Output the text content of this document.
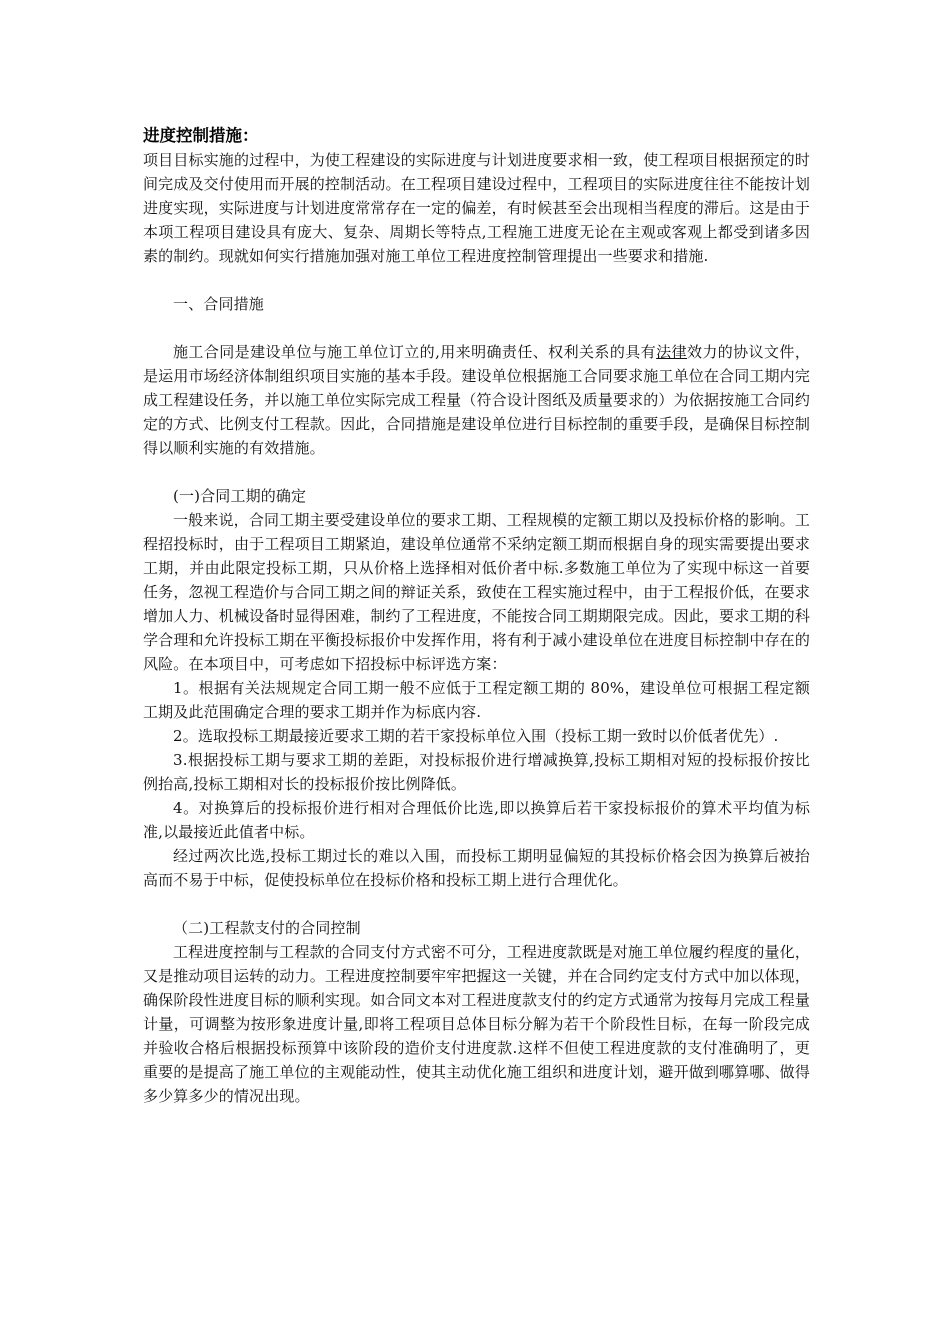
进度控制措施：

项目目标实施的过程中，为使工程建设的实际进度与计划进度要求相一致，使工程项目根据预定的时间完成及交付使用而开展的控制活动。在工程项目建设过程中，工程项目的实际进度往往不能按计划进度实现，实际进度与计划进度常常存在一定的偏差，有时候甚至会出现相当程度的滞后。这是由于本项工程项目建设具有庞大、复杂、周期长等特点,工程施工进度无论在主观或客观上都受到诸多因素的制约。现就如何实行措施加强对施工单位工程进度控制管理提出一些要求和措施.

一、合同措施

施工合同是建设单位与施工单位订立的,用来明确责任、权利关系的具有法律效力的协议文件，是运用市场经济体制组织项目实施的基本手段。建设单位根据施工合同要求施工单位在合同工期内完成工程建设任务，并以施工单位实际完成工程量（符合设计图纸及质量要求的）为依据按施工合同约定的方式、比例支付工程款。因此，合同措施是建设单位进行目标控制的重要手段，是确保目标控制得以顺利实施的有效措施。

(一)合同工期的确定

一般来说，合同工期主要受建设单位的要求工期、工程规模的定额工期以及投标价格的影响。工程招投标时，由于工程项目工期紧迫，建设单位通常不采纳定额工期而根据自身的现实需要提出要求工期，并由此限定投标工期，只从价格上选择相对低价者中标.多数施工单位为了实现中标这一首要任务，忽视工程造价与合同工期之间的辩证关系，致使在工程实施过程中，由于工程报价低，在要求增加人力、机械设备时显得困难，制约了工程进度，不能按合同工期期限完成。因此，要求工期的科学合理和允许投标工期在平衡投标报价中发挥作用，将有利于减小建设单位在进度目标控制中存在的风险。在本项目中，可考虑如下招投标中标评选方案：

1。根据有关法规规定合同工期一般不应低于工程定额工期的 80%，建设单位可根据工程定额工期及此范围确定合理的要求工期并作为标底内容.

2。选取投标工期最接近要求工期的若干家投标单位入围（投标工期一致时以价低者优先）.

3.根据投标工期与要求工期的差距，对投标报价进行增减换算,投标工期相对短的投标报价按比例抬高,投标工期相对长的投标报价按比例降低。

4。对换算后的投标报价进行相对合理低价比选,即以换算后若干家投标报价的算术平均值为标准,以最接近此值者中标。

经过两次比选,投标工期过长的难以入围，而投标工期明显偏短的其投标价格会因为换算后被抬高而不易于中标，促使投标单位在投标价格和投标工期上进行合理优化。

（二)工程款支付的合同控制

工程进度控制与工程款的合同支付方式密不可分，工程进度款既是对施工单位履约程度的量化，又是推动项目运转的动力。工程进度控制要牢牢把握这一关键，并在合同约定支付方式中加以体现，确保阶段性进度目标的顺利实现。如合同文本对工程进度款支付的约定方式通常为按每月完成工程量计量，可调整为按形象进度计量,即将工程项目总体目标分解为若干个阶段性目标，在每一阶段完成并验收合格后根据投标预算中该阶段的造价支付进度款.这样不但使工程进度款的支付准确明了，更重要的是提高了施工单位的主观能动性，使其主动优化施工组织和进度计划，避开做到哪算哪、做得多少算多少的情况出现。
